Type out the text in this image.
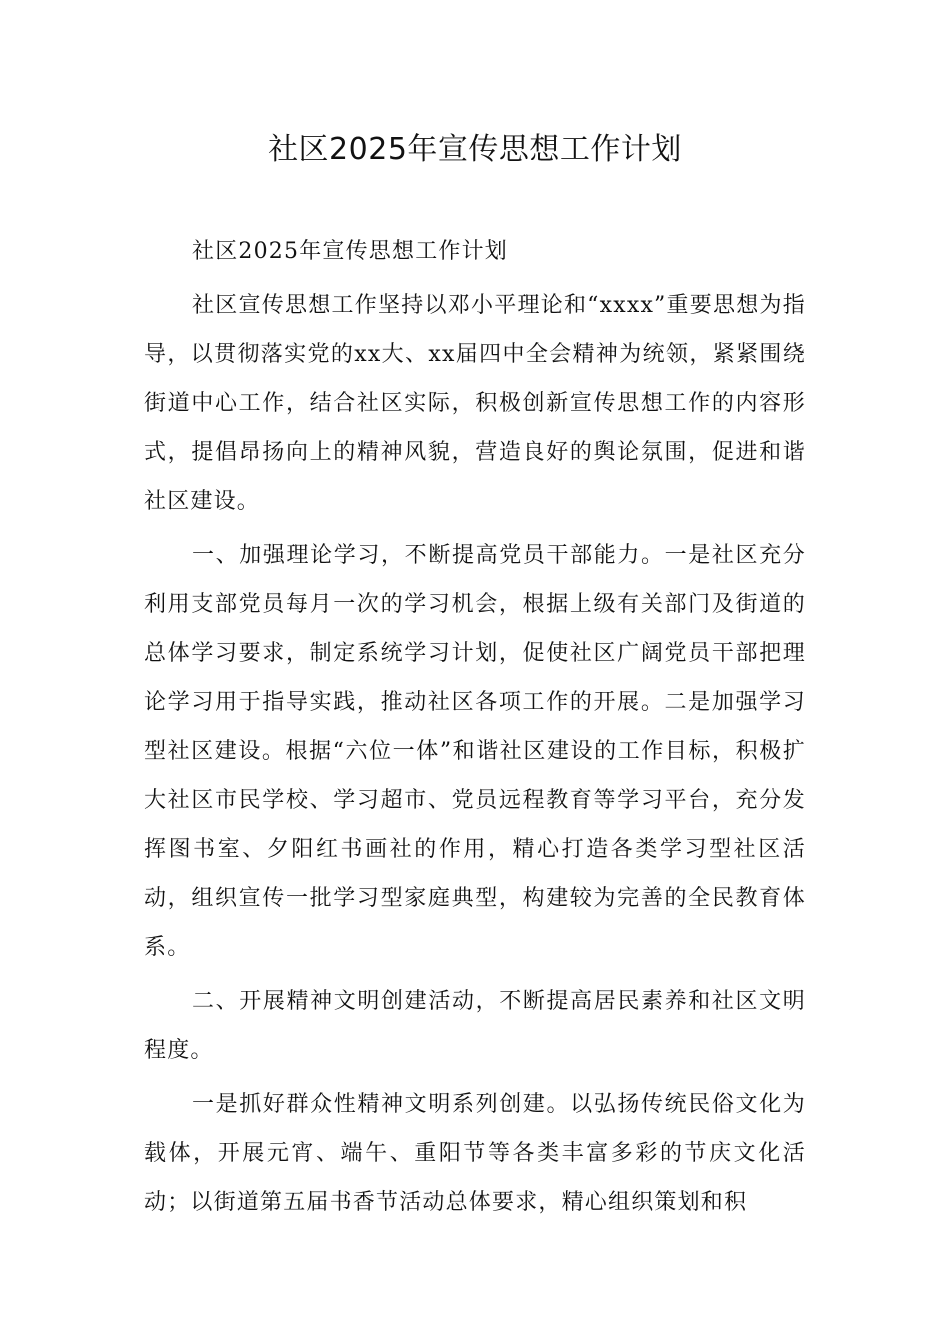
社区2025年宣传思想工作计划

社区2025年宣传思想工作计划

社区宣传思想工作坚持以邓小平理论和“xxxx”重要思想为指导，以贯彻落实党的xx大、xx届四中全会精神为统领，紧紧围绕街道中心工作，结合社区实际，积极创新宣传思想工作的内容形式，提倡昂扬向上的精神风貌，营造良好的舆论氛围，促进和谐社区建设。

一、加强理论学习，不断提高党员干部能力。一是社区充分利用支部党员每月一次的学习机会，根据上级有关部门及街道的总体学习要求，制定系统学习计划，促使社区广阔党员干部把理论学习用于指导实践，推动社区各项工作的开展。二是加强学习型社区建设。根据“六位一体”和谐社区建设的工作目标，积极扩大社区市民学校、学习超市、党员远程教育等学习平台，充分发挥图书室、夕阳红书画社的作用，精心打造各类学习型社区活动，组织宣传一批学习型家庭典型，构建较为完善的全民教育体系。

二、开展精神文明创建活动，不断提高居民素养和社区文明程度。

一是抓好群众性精神文明系列创建。以弘扬传统民俗文化为载体，开展元宵、端午、重阳节等各类丰富多彩的节庆文化活动；以街道第五届书香节活动总体要求，精心组织策划和积
